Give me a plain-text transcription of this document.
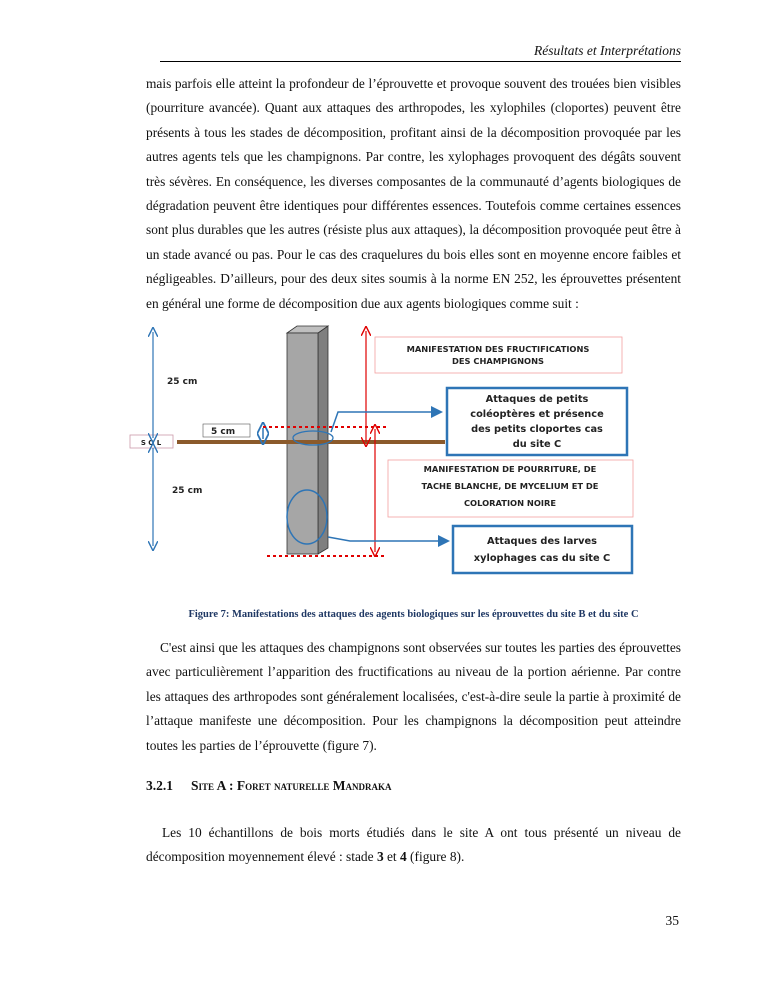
Résultats et Interprétations

mais parfois elle atteint la profondeur de l’éprouvette et provoque souvent des trouées bien visibles (pourriture avancée). Quant aux attaques des arthropodes, les xylophiles (cloportes) peuvent être présents à tous les stades de décomposition, profitant ainsi de la décomposition provoquée par les autres agents tels que les champignons. Par contre, les xylophages provoquent des dégâts souvent très sévères. En conséquence, les diverses composantes de la communauté d’agents biologiques de dégradation peuvent être identiques pour différentes essences. Toutefois comme certaines essences sont plus durables que les autres (résiste plus aux attaques), la décomposition provoquée peut être à un stade avancé ou pas. Pour le cas des craquelures du bois elles sont en moyenne encore faibles et négligeables. D’ailleurs, pour des deux sites soumis à la norme EN 252, les éprouvettes présentent en général une forme de décomposition due aux agents biologiques comme suit :

S O L
25 cm
25 cm
5 cm
MANIFESTATION DES FRUCTIFICATIONS
DES CHAMPIGNONS
Attaques de petits
coléoptères et présence
des petits cloportes cas
du site C
MANIFESTATION DE POURRITURE, DE
TACHE BLANCHE, DE MYCELIUM ET DE
COLORATION NOIRE
Attaques des larves
xylophages cas du site C
Figure 7: Manifestations des attaques des agents biologiques sur les éprouvettes du site B et du site C

C'est ainsi que les attaques des champignons sont observées sur toutes les parties des éprouvettes avec particulièrement l’apparition des fructifications au niveau de la portion aérienne. Par contre les attaques des arthropodes sont généralement localisées, c'est-à-dire seule la partie à proximité de l’attaque manifeste une décomposition. Pour les champignons la décomposition peut atteindre toutes les parties de l’éprouvette (figure 7).

3.2.1 Site A : Foret naturelle Mandraka

Les 10 échantillons de bois morts étudiés dans le site A ont tous présenté un niveau de décomposition moyennement élevé : stade 3 et 4 (figure 8).

35
